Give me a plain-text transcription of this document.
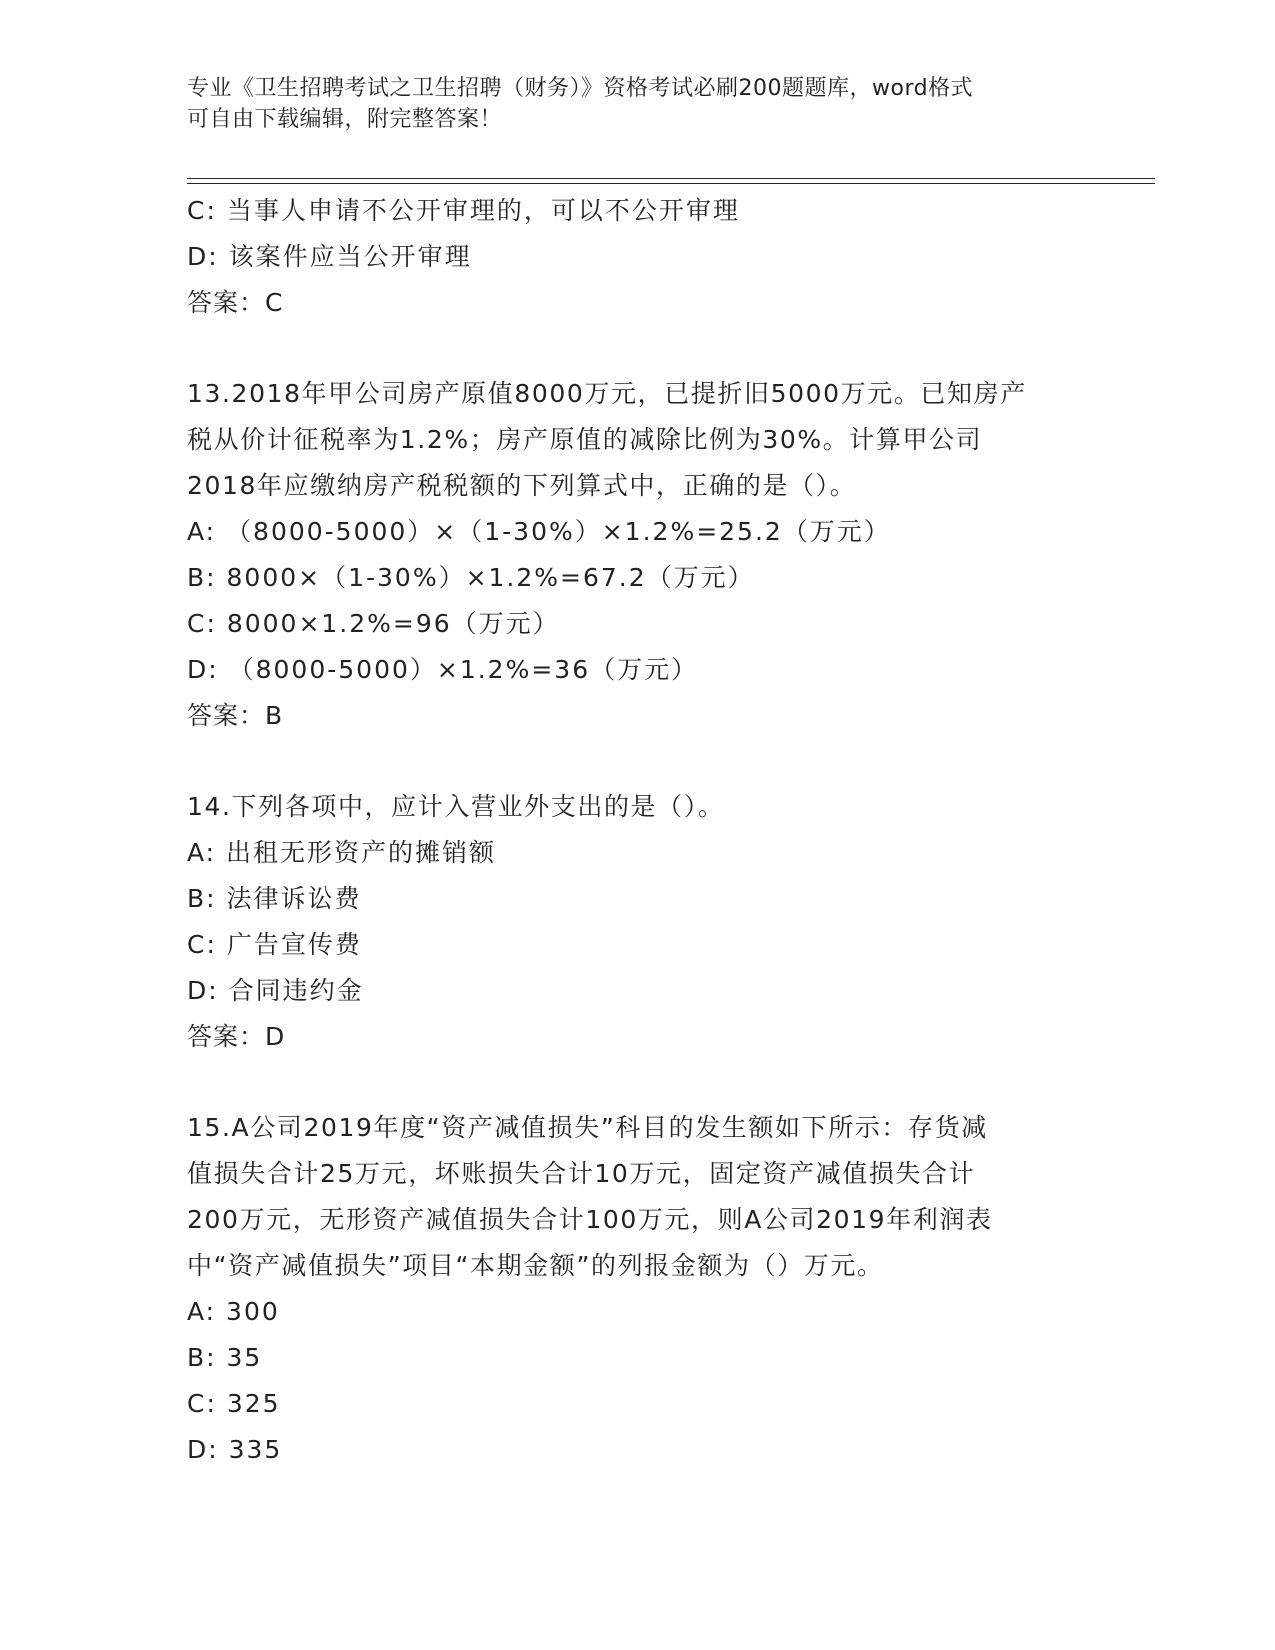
专业《卫生招聘考试之卫生招聘（财务）》资格考试必刷200题题库，word格式
可自由下载编辑，附完整答案！
C: 当事人申请不公开审理的，可以不公开审理
D: 该案件应当公开审理
答案：C
13.2018年甲公司房产原值8000万元，已提折旧5000万元。已知房产
税从价计征税率为1.2%；房产原值的减除比例为30%。计算甲公司
2018年应缴纳房产税税额的下列算式中，正确的是（）。
A: （8000-5000）×（1-30%）×1.2%=25.2（万元）
B: 8000×（1-30%）×1.2%=67.2（万元）
C: 8000×1.2%=96（万元）
D: （8000-5000）×1.2%=36（万元）
答案：B
14.下列各项中，应计入营业外支出的是（）。
A: 出租无形资产的摊销额
B: 法律诉讼费
C: 广告宣传费
D: 合同违约金
答案：D
15.A公司2019年度“资产减值损失”科目的发生额如下所示：存货减
值损失合计25万元，坏账损失合计10万元，固定资产减值损失合计
200万元，无形资产减值损失合计100万元，则A公司2019年利润表
中“资产减值损失”项目“本期金额”的列报金额为（）万元。
A: 300
B: 35
C: 325
D: 335
